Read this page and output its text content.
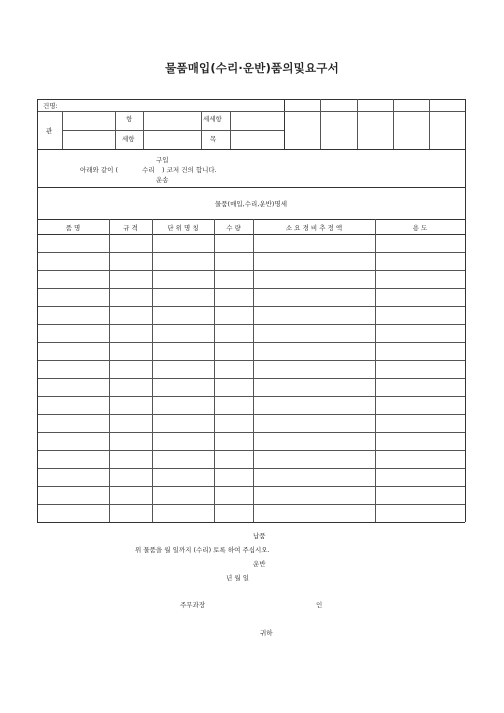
물품매입(수리·운반)품의및요구서
건명:
관
항	세세항
세항	목
아래와 같이 (
구입
수리
운송
) 코저 건의 합니다.
물품(매입,수리,운반)명세
품 명	규 격	단 위 명 칭	수 량	소 요 경 비 추 정 액	용 도
납품
위 물품을 월 일까지 (수리) 토록 하여 주십시오.
운반
년 월 일
주무과장	인
귀하
